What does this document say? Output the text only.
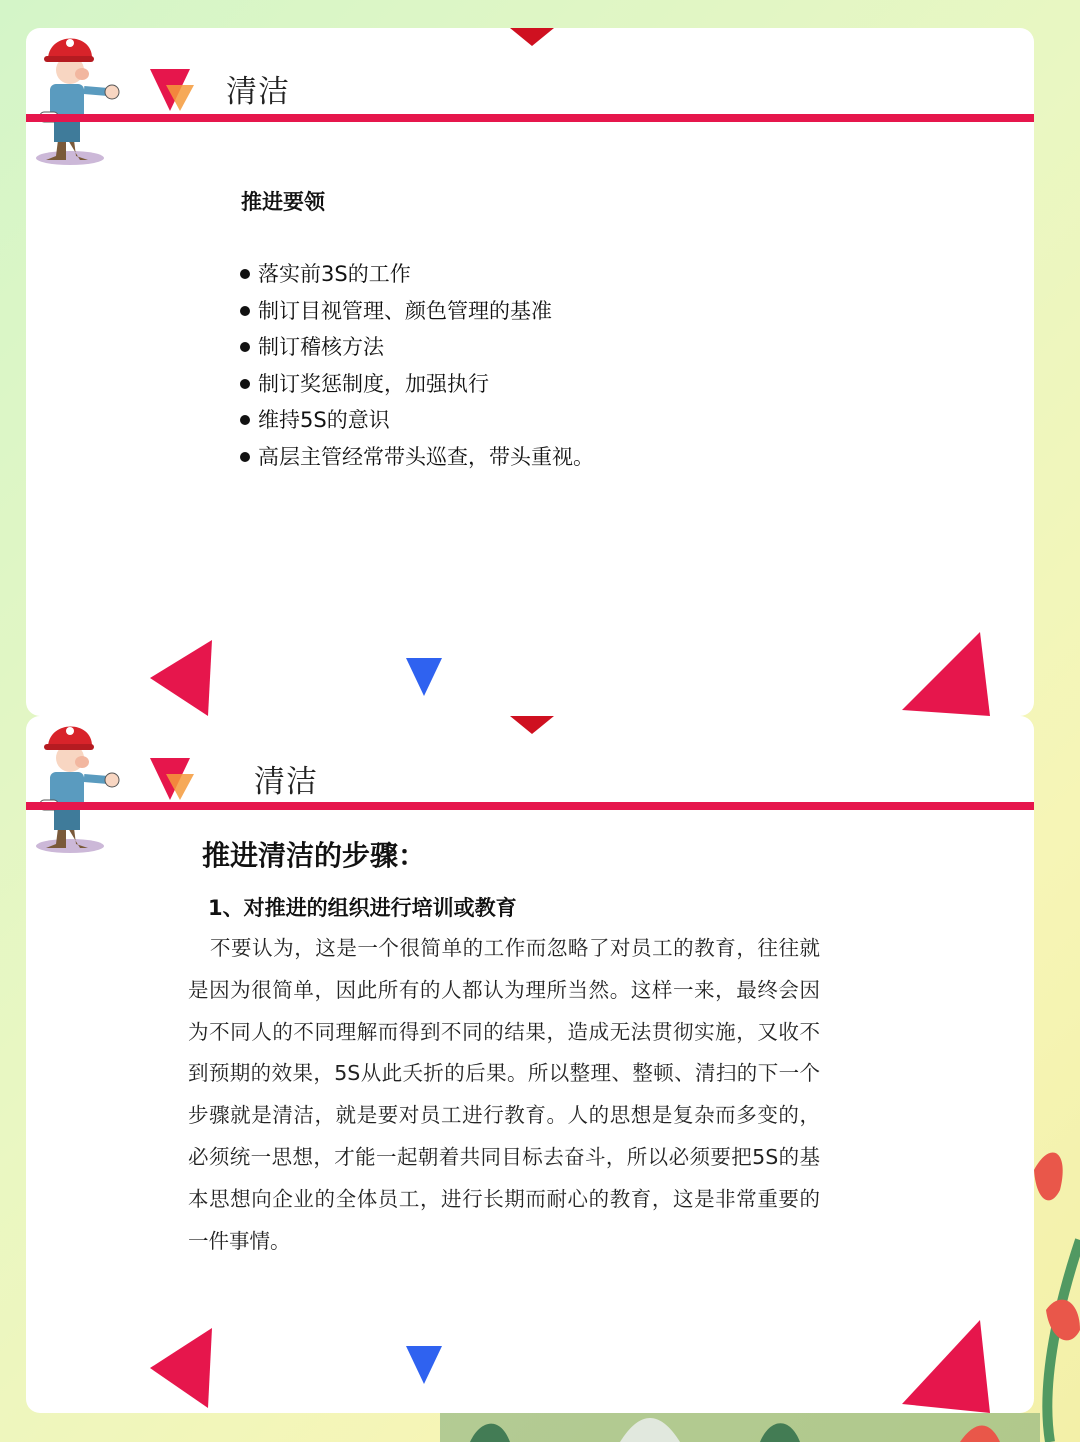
清洁
推进要领
落实前3S的工作
制订目视管理、颜色管理的基准
制订稽核方法
制订奖惩制度，加强执行
维持5S的意识
高层主管经常带头巡查，带头重视。
清洁
推进清洁的步骤：
1、对推进的组织进行培训或教育

不要认为，这是一个很简单的工作而忽略了对员工的教育，往往就是因为很简单，因此所有的人都认为理所当然。这样一来，最终会因为不同人的不同理解而得到不同的结果，造成无法贯彻实施，又收不到预期的效果，5S从此夭折的后果。所以整理、整顿、清扫的下一个步骤就是清洁，就是要对员工进行教育。人的思想是复杂而多变的，必须统一思想，才能一起朝着共同目标去奋斗，所以必须要把5S的基本思想向企业的全体员工，进行长期而耐心的教育，这是非常重要的一件事情。
